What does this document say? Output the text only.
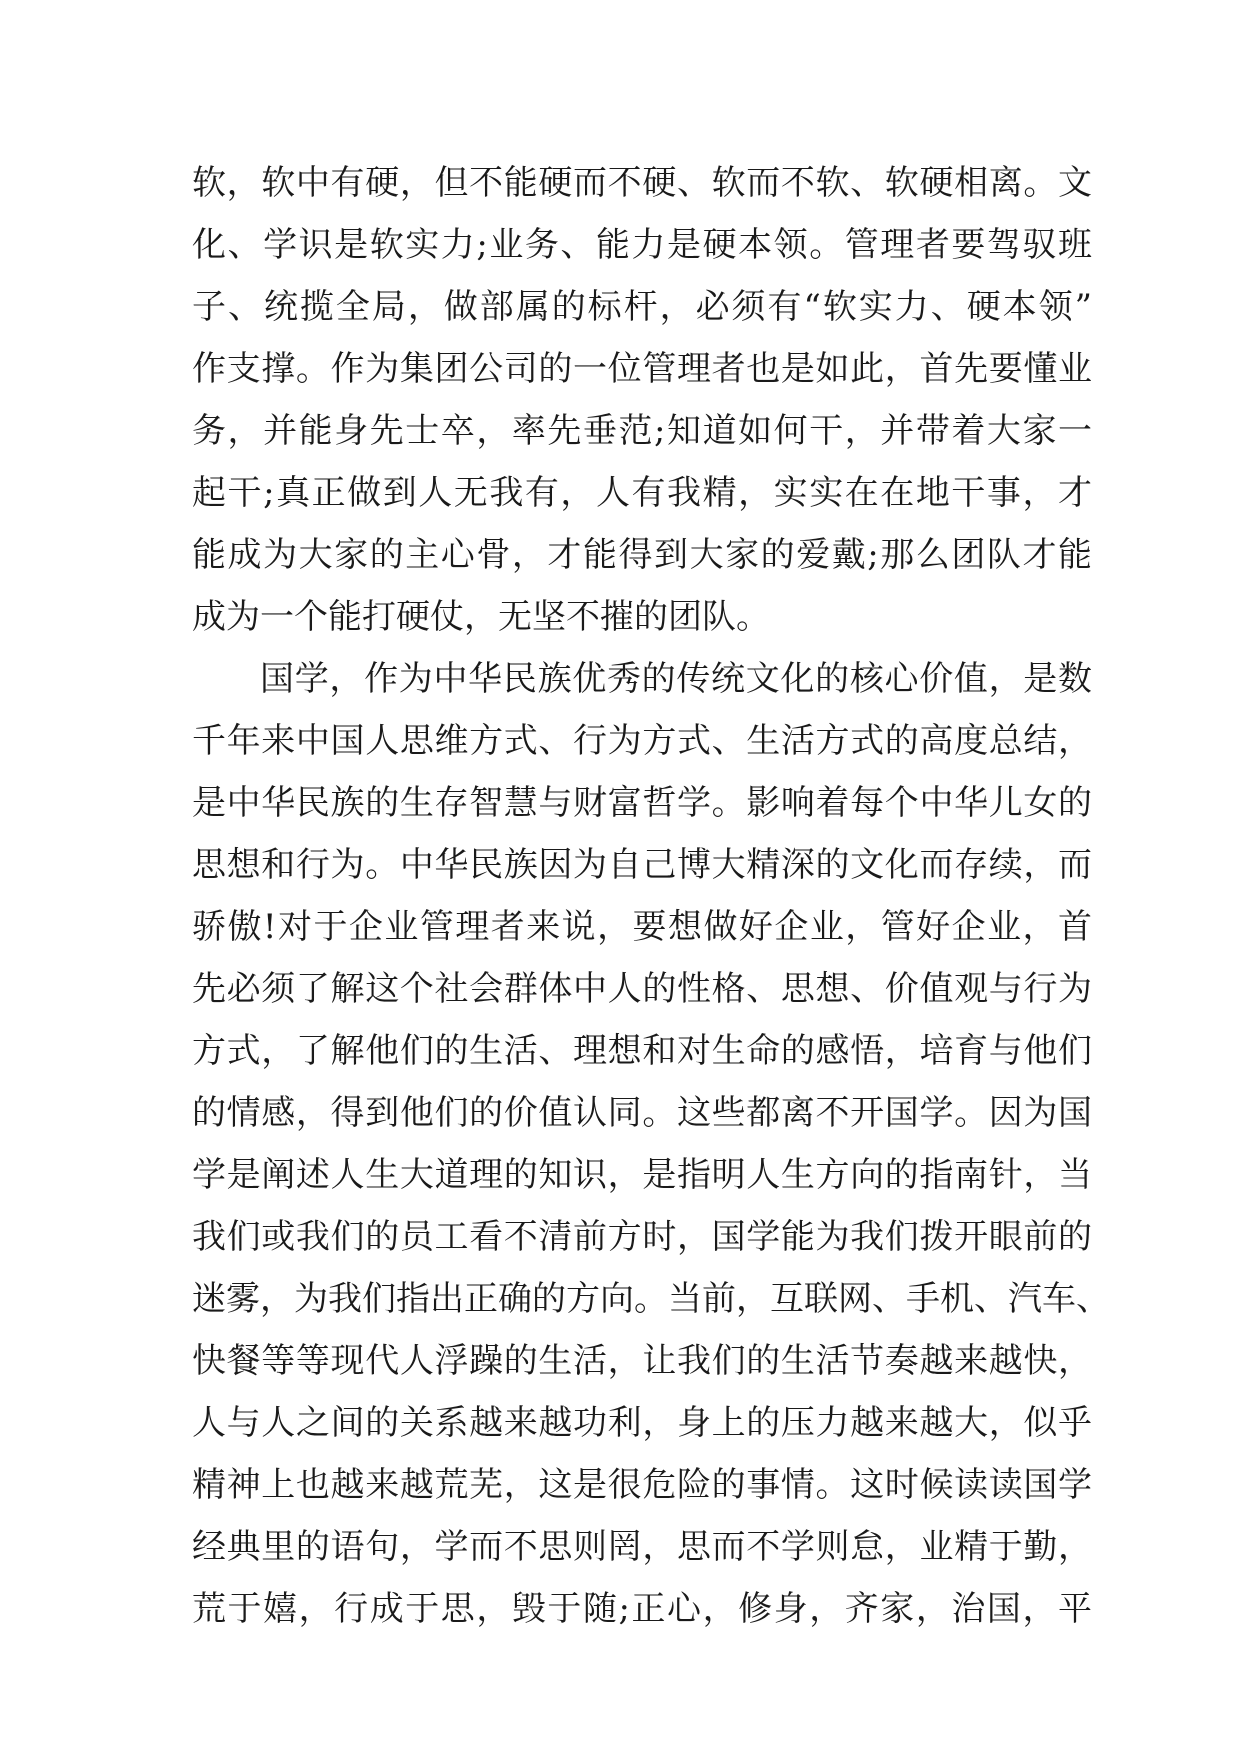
软，软中有硬，但不能硬而不硬、软而不软、软硬相离。文
化、学识是软实力;业务、能力是硬本领。管理者要驾驭班
子、统揽全局，做部属的标杆，必须有“软实力、硬本领”
作支撑。作为集团公司的一位管理者也是如此，首先要懂业
务，并能身先士卒，率先垂范;知道如何干，并带着大家一
起干;真正做到人无我有，人有我精，实实在在地干事，才
能成为大家的主心骨，才能得到大家的爱戴;那么团队才能
成为一个能打硬仗，无坚不摧的团队。
国学，作为中华民族优秀的传统文化的核心价值，是数
千年来中国人思维方式、行为方式、生活方式的高度总结，
是中华民族的生存智慧与财富哲学。影响着每个中华儿女的
思想和行为。中华民族因为自己博大精深的文化而存续，而
骄傲!对于企业管理者来说，要想做好企业，管好企业，首
先必须了解这个社会群体中人的性格、思想、价值观与行为
方式，了解他们的生活、理想和对生命的感悟，培育与他们
的情感，得到他们的价值认同。这些都离不开国学。因为国
学是阐述人生大道理的知识，是指明人生方向的指南针，当
我们或我们的员工看不清前方时，国学能为我们拨开眼前的
迷雾，为我们指出正确的方向。当前，互联网、手机、汽车、
快餐等等现代人浮躁的生活，让我们的生活节奏越来越快，
人与人之间的关系越来越功利，身上的压力越来越大，似乎
精神上也越来越荒芜，这是很危险的事情。这时候读读国学
经典里的语句，学而不思则罔，思而不学则怠，业精于勤，
荒于嬉，行成于思，毁于随;正心，修身，齐家，治国，平
